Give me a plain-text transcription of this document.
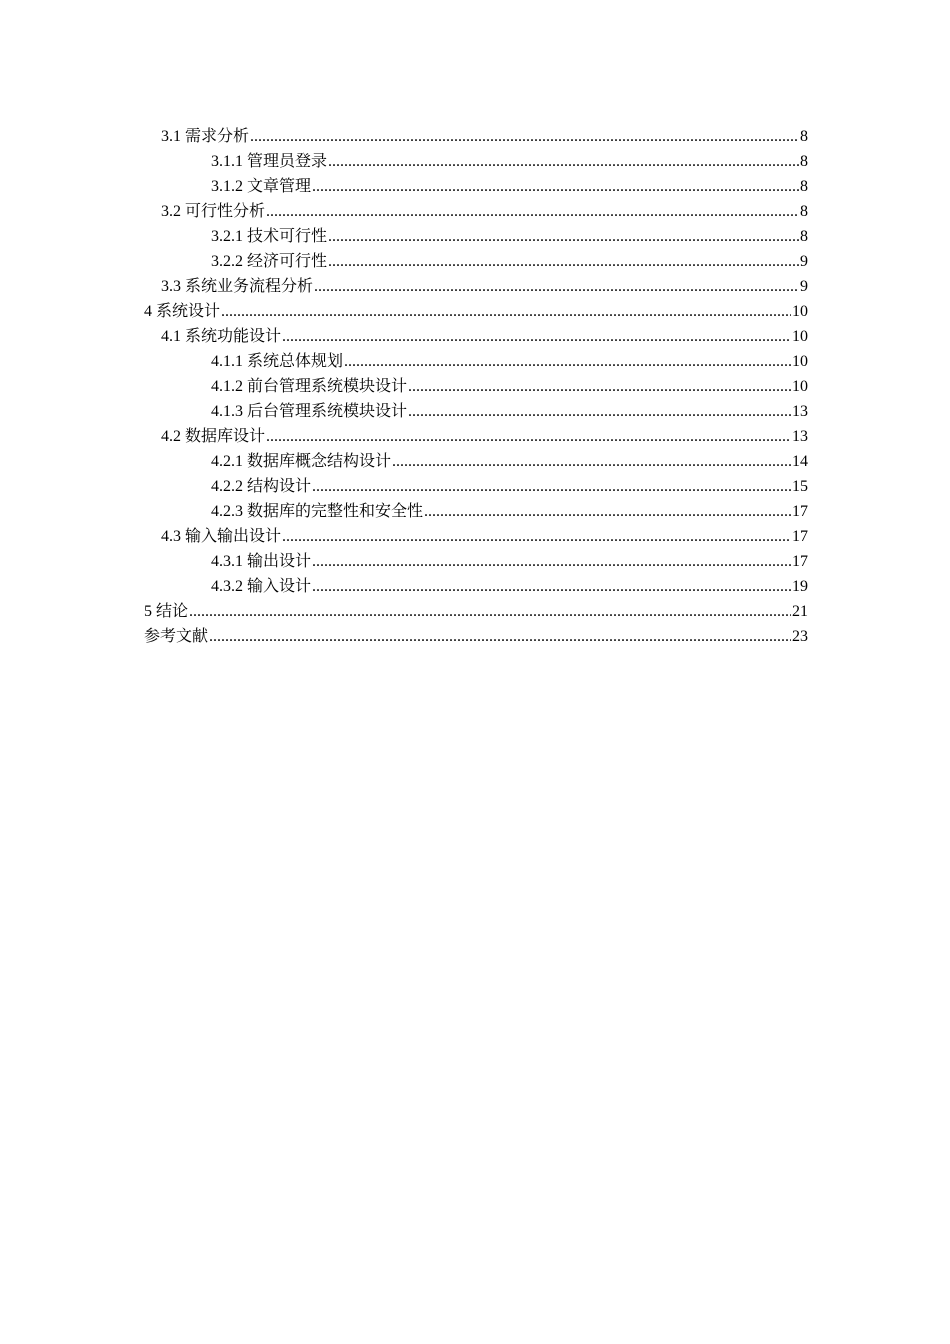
3.1 需求分析 .....	8
3.1.1 管理员登录 .....	8
3.1.2 文章管理 .....	8
3.2 可行性分析 .....	8
3.2.1 技术可行性 .....	8
3.2.2 经济可行性 .....	9
3.3 系统业务流程分析 .....	9
4 系统设计 .....	10
4.1 系统功能设计 .....	10
4.1.1 系统总体规划 .....	10
4.1.2 前台管理系统模块设计 .....	10
4.1.3 后台管理系统模块设计 .....	13
4.2 数据库设计 .....	13
4.2.1 数据库概念结构设计 .....	14
4.2.2 结构设计 .....	15
4.2.3 数据库的完整性和安全性 .....	17
4.3 输入输出设计 .....	17
4.3.1 输出设计 .....	17
4.3.2 输入设计 .....	19
5 结论 .....	21
参考文献 .....	23
